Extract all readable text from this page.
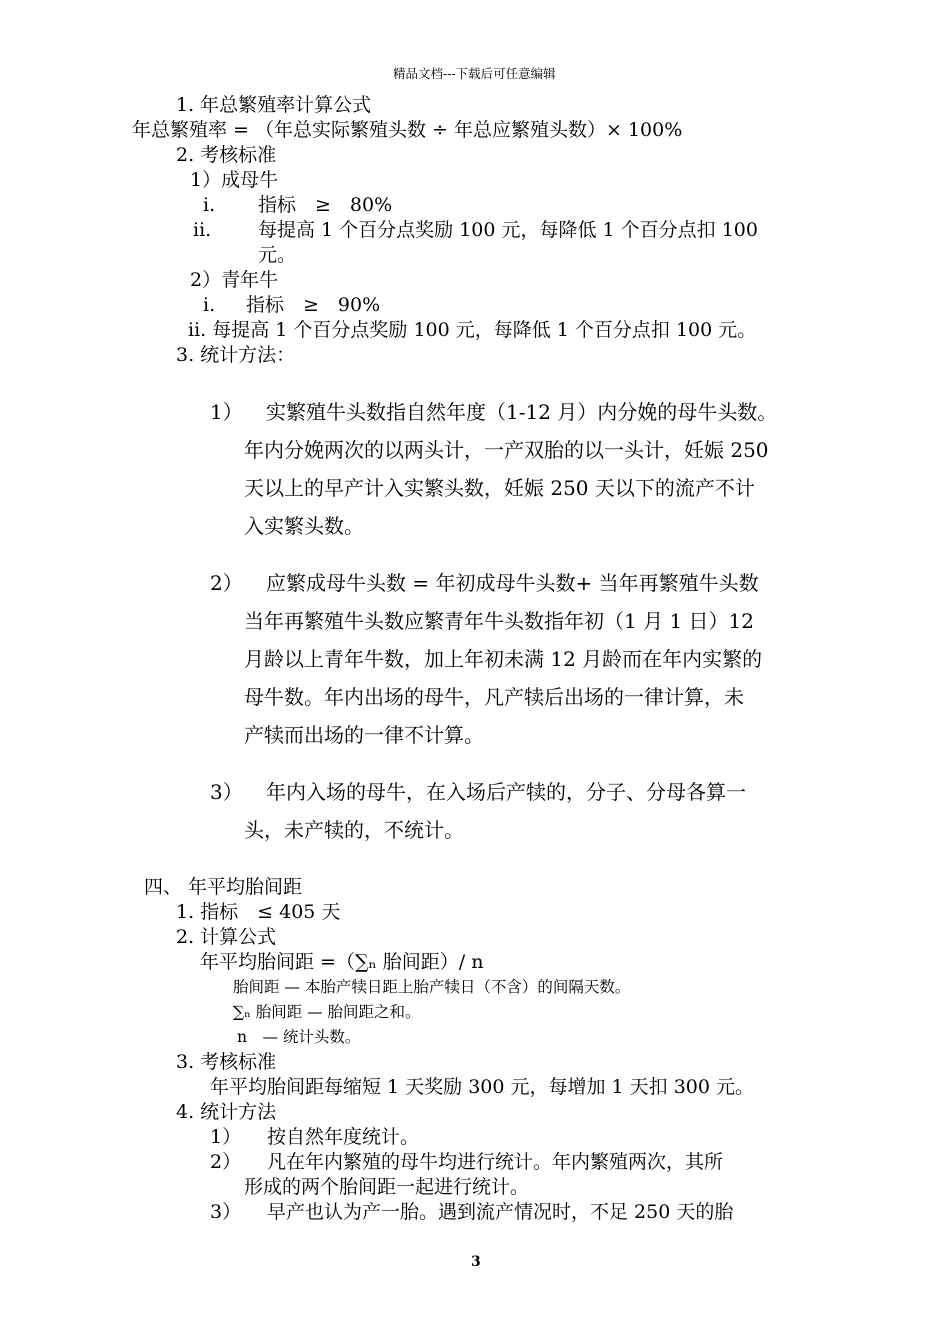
精品文档---下载后可任意编辑
1. 年总繁殖率计算公式
年总繁殖率 = （年总实际繁殖头数 ÷ 年总应繁殖头数）× 100%
2. 考核标准
1）成母牛
i. 指标　≥　80%
ii. 每提高 1 个百分点奖励 100 元，每降低 1 个百分点扣 100
元。
2）青年牛
i. 指标　≥　90%
ii. 每提高 1 个百分点奖励 100 元，每降低 1 个百分点扣 100 元。
3. 统计方法：
1） 实繁殖牛头数指自然年度（1-12 月）内分娩的母牛头数。
年内分娩两次的以两头计，一产双胎的以一头计，妊娠 250
天以上的早产计入实繁头数，妊娠 250 天以下的流产不计
入实繁头数。
2） 应繁成母牛头数 = 年初成母牛头数+ 当年再繁殖牛头数
当年再繁殖牛头数应繁青年牛头数指年初（1 月 1 日）12
月龄以上青年牛数，加上年初未满 12 月龄而在年内实繁的
母牛数。年内出场的母牛，凡产犊后出场的一律计算，未
产犊而出场的一律不计算。
3） 年内入场的母牛，在入场后产犊的，分子、分母各算一
头，未产犊的，不统计。
四、 年平均胎间距
1. 指标　≤ 405 天
2. 计算公式
年平均胎间距 =（∑ₙ 胎间距）/ n
胎间距 — 本胎产犊日距上胎产犊日（不含）的间隔天数。
∑ₙ 胎间距 — 胎间距之和。
n　— 统计头数。
3. 考核标准
年平均胎间距每缩短 1 天奖励 300 元，每增加 1 天扣 300 元。
4. 统计方法
1） 按自然年度统计。
2） 凡在年内繁殖的母牛均进行统计。年内繁殖两次，其所
形成的两个胎间距一起进行统计。
3） 早产也认为产一胎。遇到流产情况时，不足 250 天的胎
3
